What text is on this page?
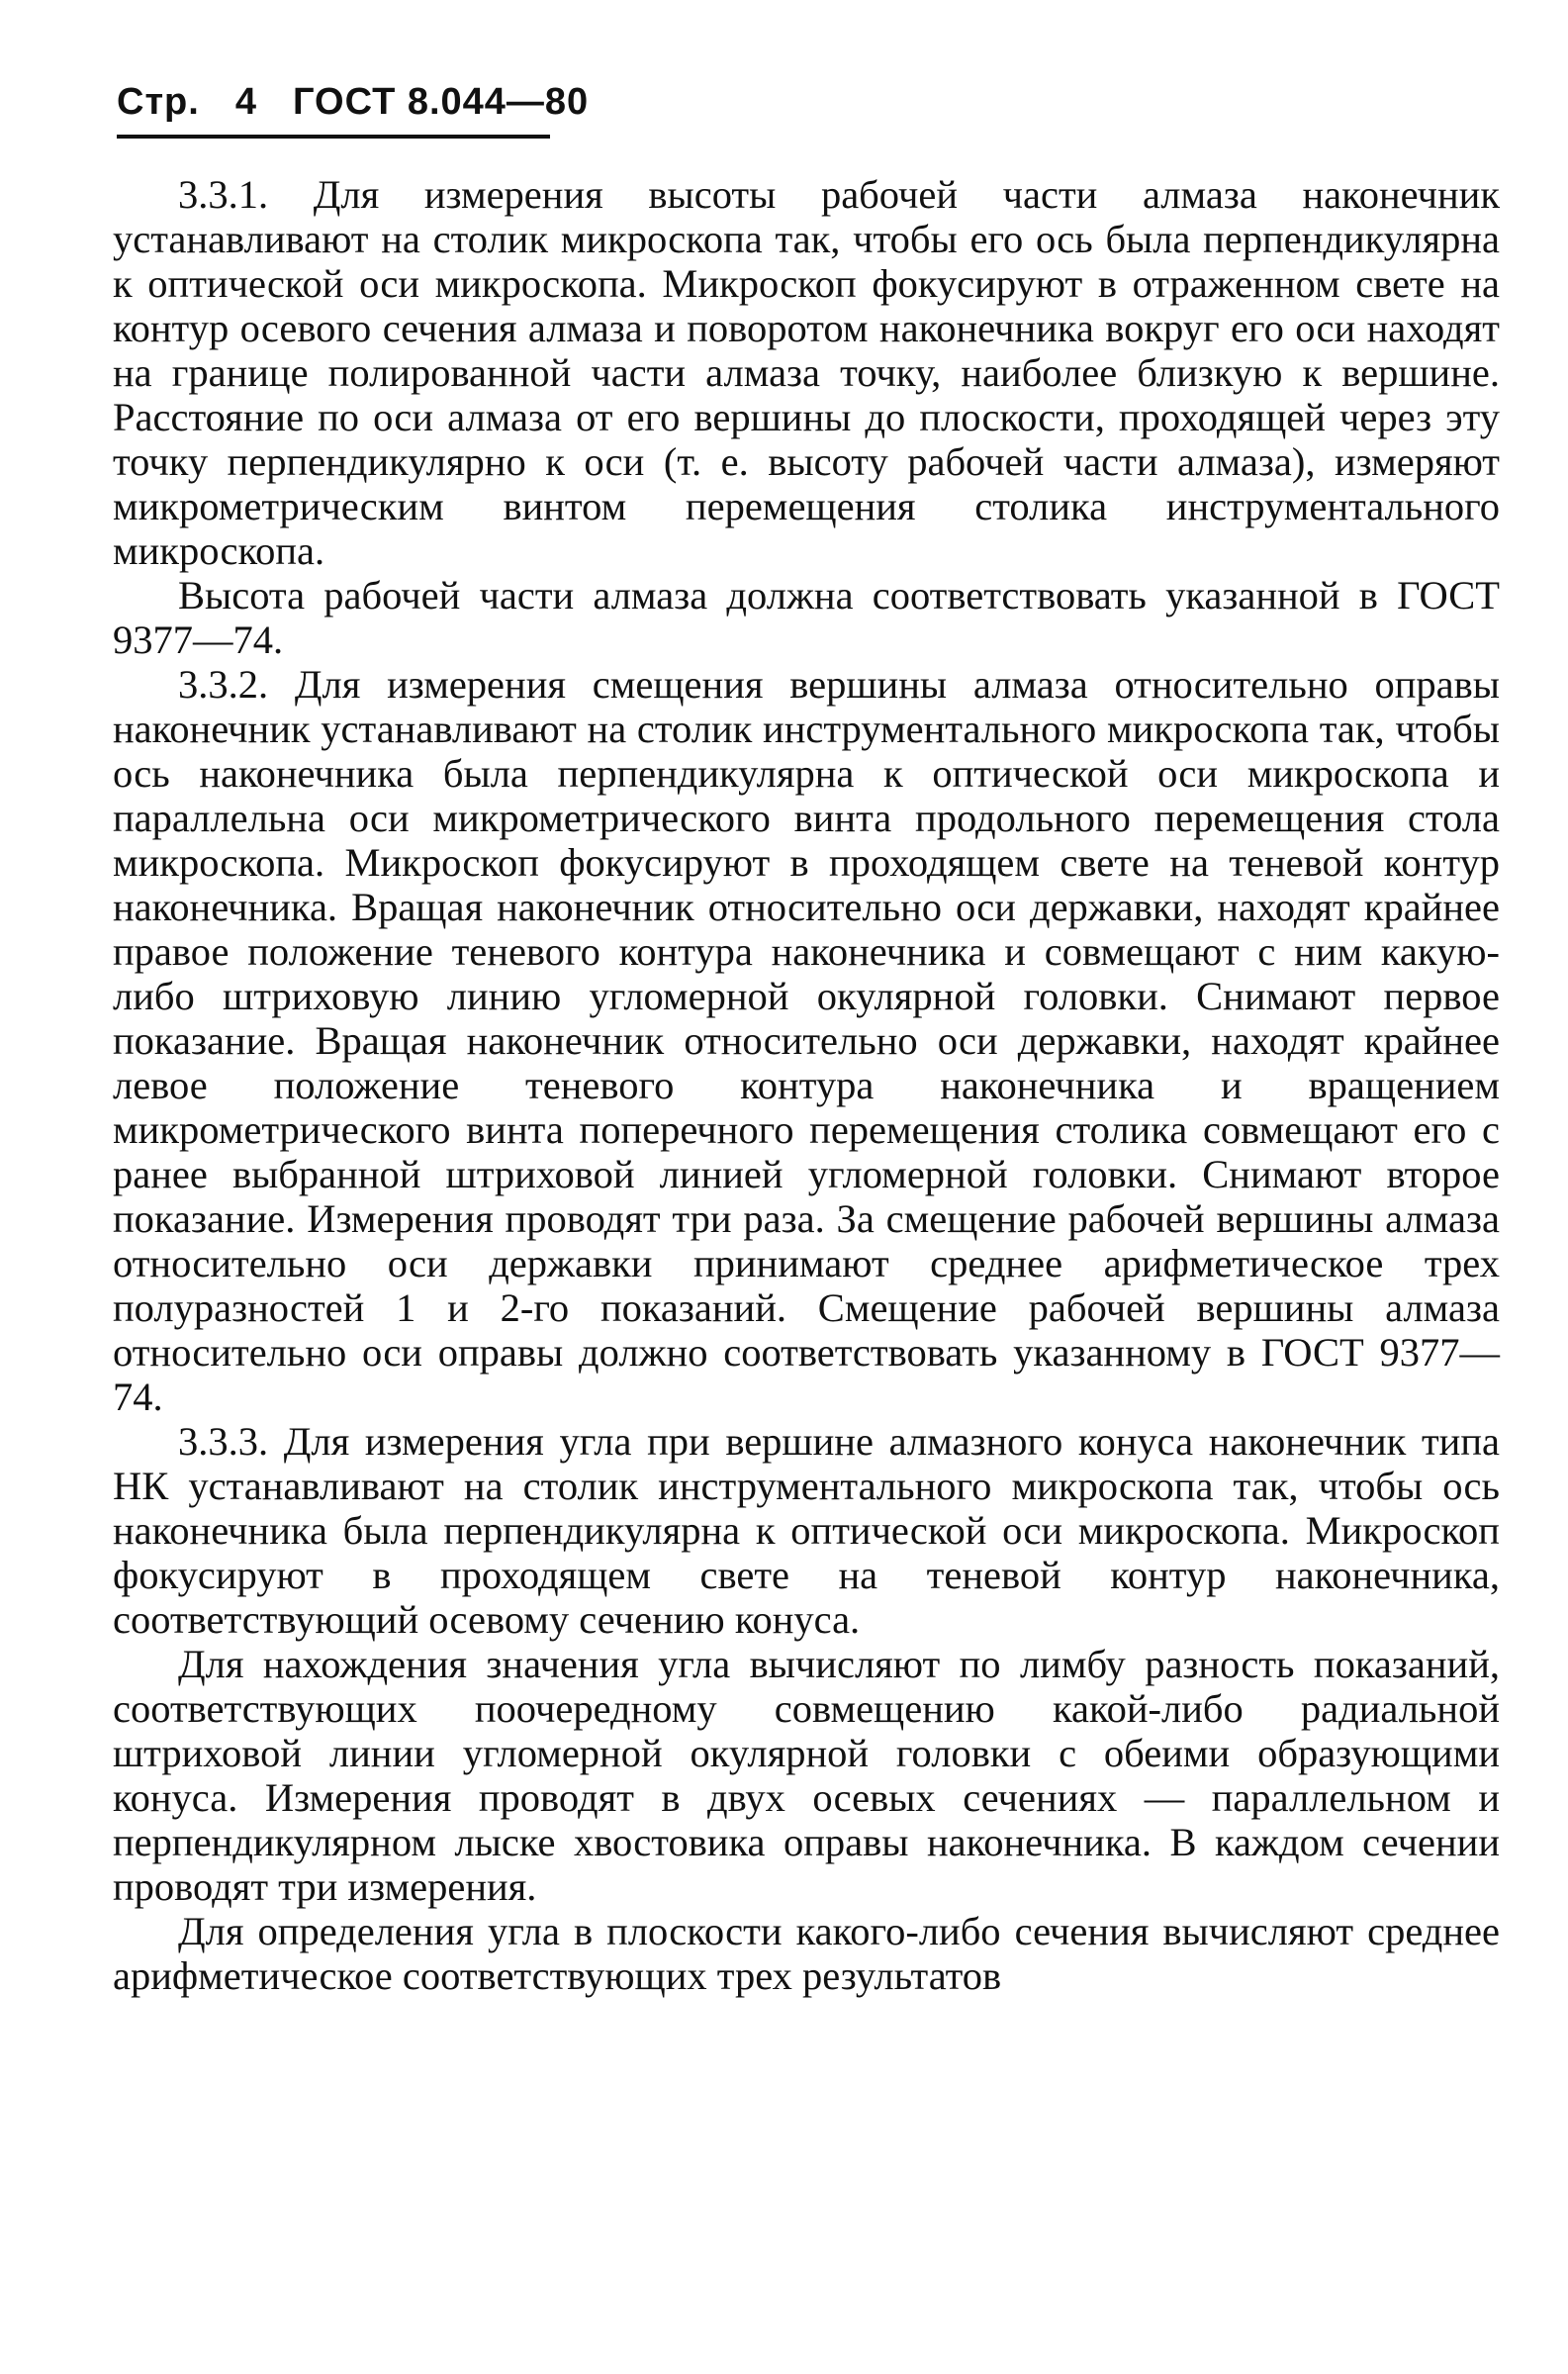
Стр. 4 ГОСТ 8.044—80

3.3.1. Для измерения высоты рабочей части алмаза наконечник устанавливают на столик микроскопа так, чтобы его ось была перпендикулярна к оптической оси микроскопа. Микроскоп фокусируют в отраженном свете на контур осевого сечения алмаза и поворотом наконечника вокруг его оси находят на границе полированной части алмаза точку, наиболее близкую к вершине. Расстояние по оси алмаза от его вершины до плоскости, проходящей через эту точку перпендикулярно к оси (т. е. высоту рабочей части алмаза), измеряют микрометрическим винтом перемещения столика инструментального микроскопа.

Высота рабочей части алмаза должна соответствовать указанной в ГОСТ 9377—74.

3.3.2. Для измерения смещения вершины алмаза относительно оправы наконечник устанавливают на столик инструментального микроскопа так, чтобы ось наконечника была перпендикулярна к оптической оси микроскопа и параллельна оси микрометрического винта продольного перемещения стола микроскопа. Микроскоп фокусируют в проходящем свете на теневой контур наконечника. Вращая наконечник относительно оси державки, находят крайнее правое положение теневого контура наконечника и совмещают с ним какую-либо штриховую линию угломерной окулярной головки. Снимают первое показание. Вращая наконечник относительно оси державки, находят крайнее левое положение теневого контура наконечника и вращением микрометрического винта поперечного перемещения столика совмещают его с ранее выбранной штриховой линией угломерной головки. Снимают второе показание. Измерения проводят три раза. За смещение рабочей вершины алмаза относительно оси державки принимают среднее арифметическое трех полуразностей 1 и 2-го показаний. Смещение рабочей вершины алмаза относительно оси оправы должно соответствовать указанному в ГОСТ 9377—74.

3.3.3. Для измерения угла при вершине алмазного конуса наконечник типа НК устанавливают на столик инструментального микроскопа так, чтобы ось наконечника была перпендикулярна к оптической оси микроскопа. Микроскоп фокусируют в проходящем свете на теневой контур наконечника, соответствующий осевому сечению конуса.

Для нахождения значения угла вычисляют по лимбу разность показаний, соответствующих поочередному совмещению какой-либо радиальной штриховой линии угломерной окулярной головки с обеими образующими конуса. Измерения проводят в двух осевых сечениях — параллельном и перпендикулярном лыске хвостовика оправы наконечника. В каждом сечении проводят три измерения.

Для определения угла в плоскости какого-либо сечения вычисляют среднее арифметическое соответствующих трех результатов
